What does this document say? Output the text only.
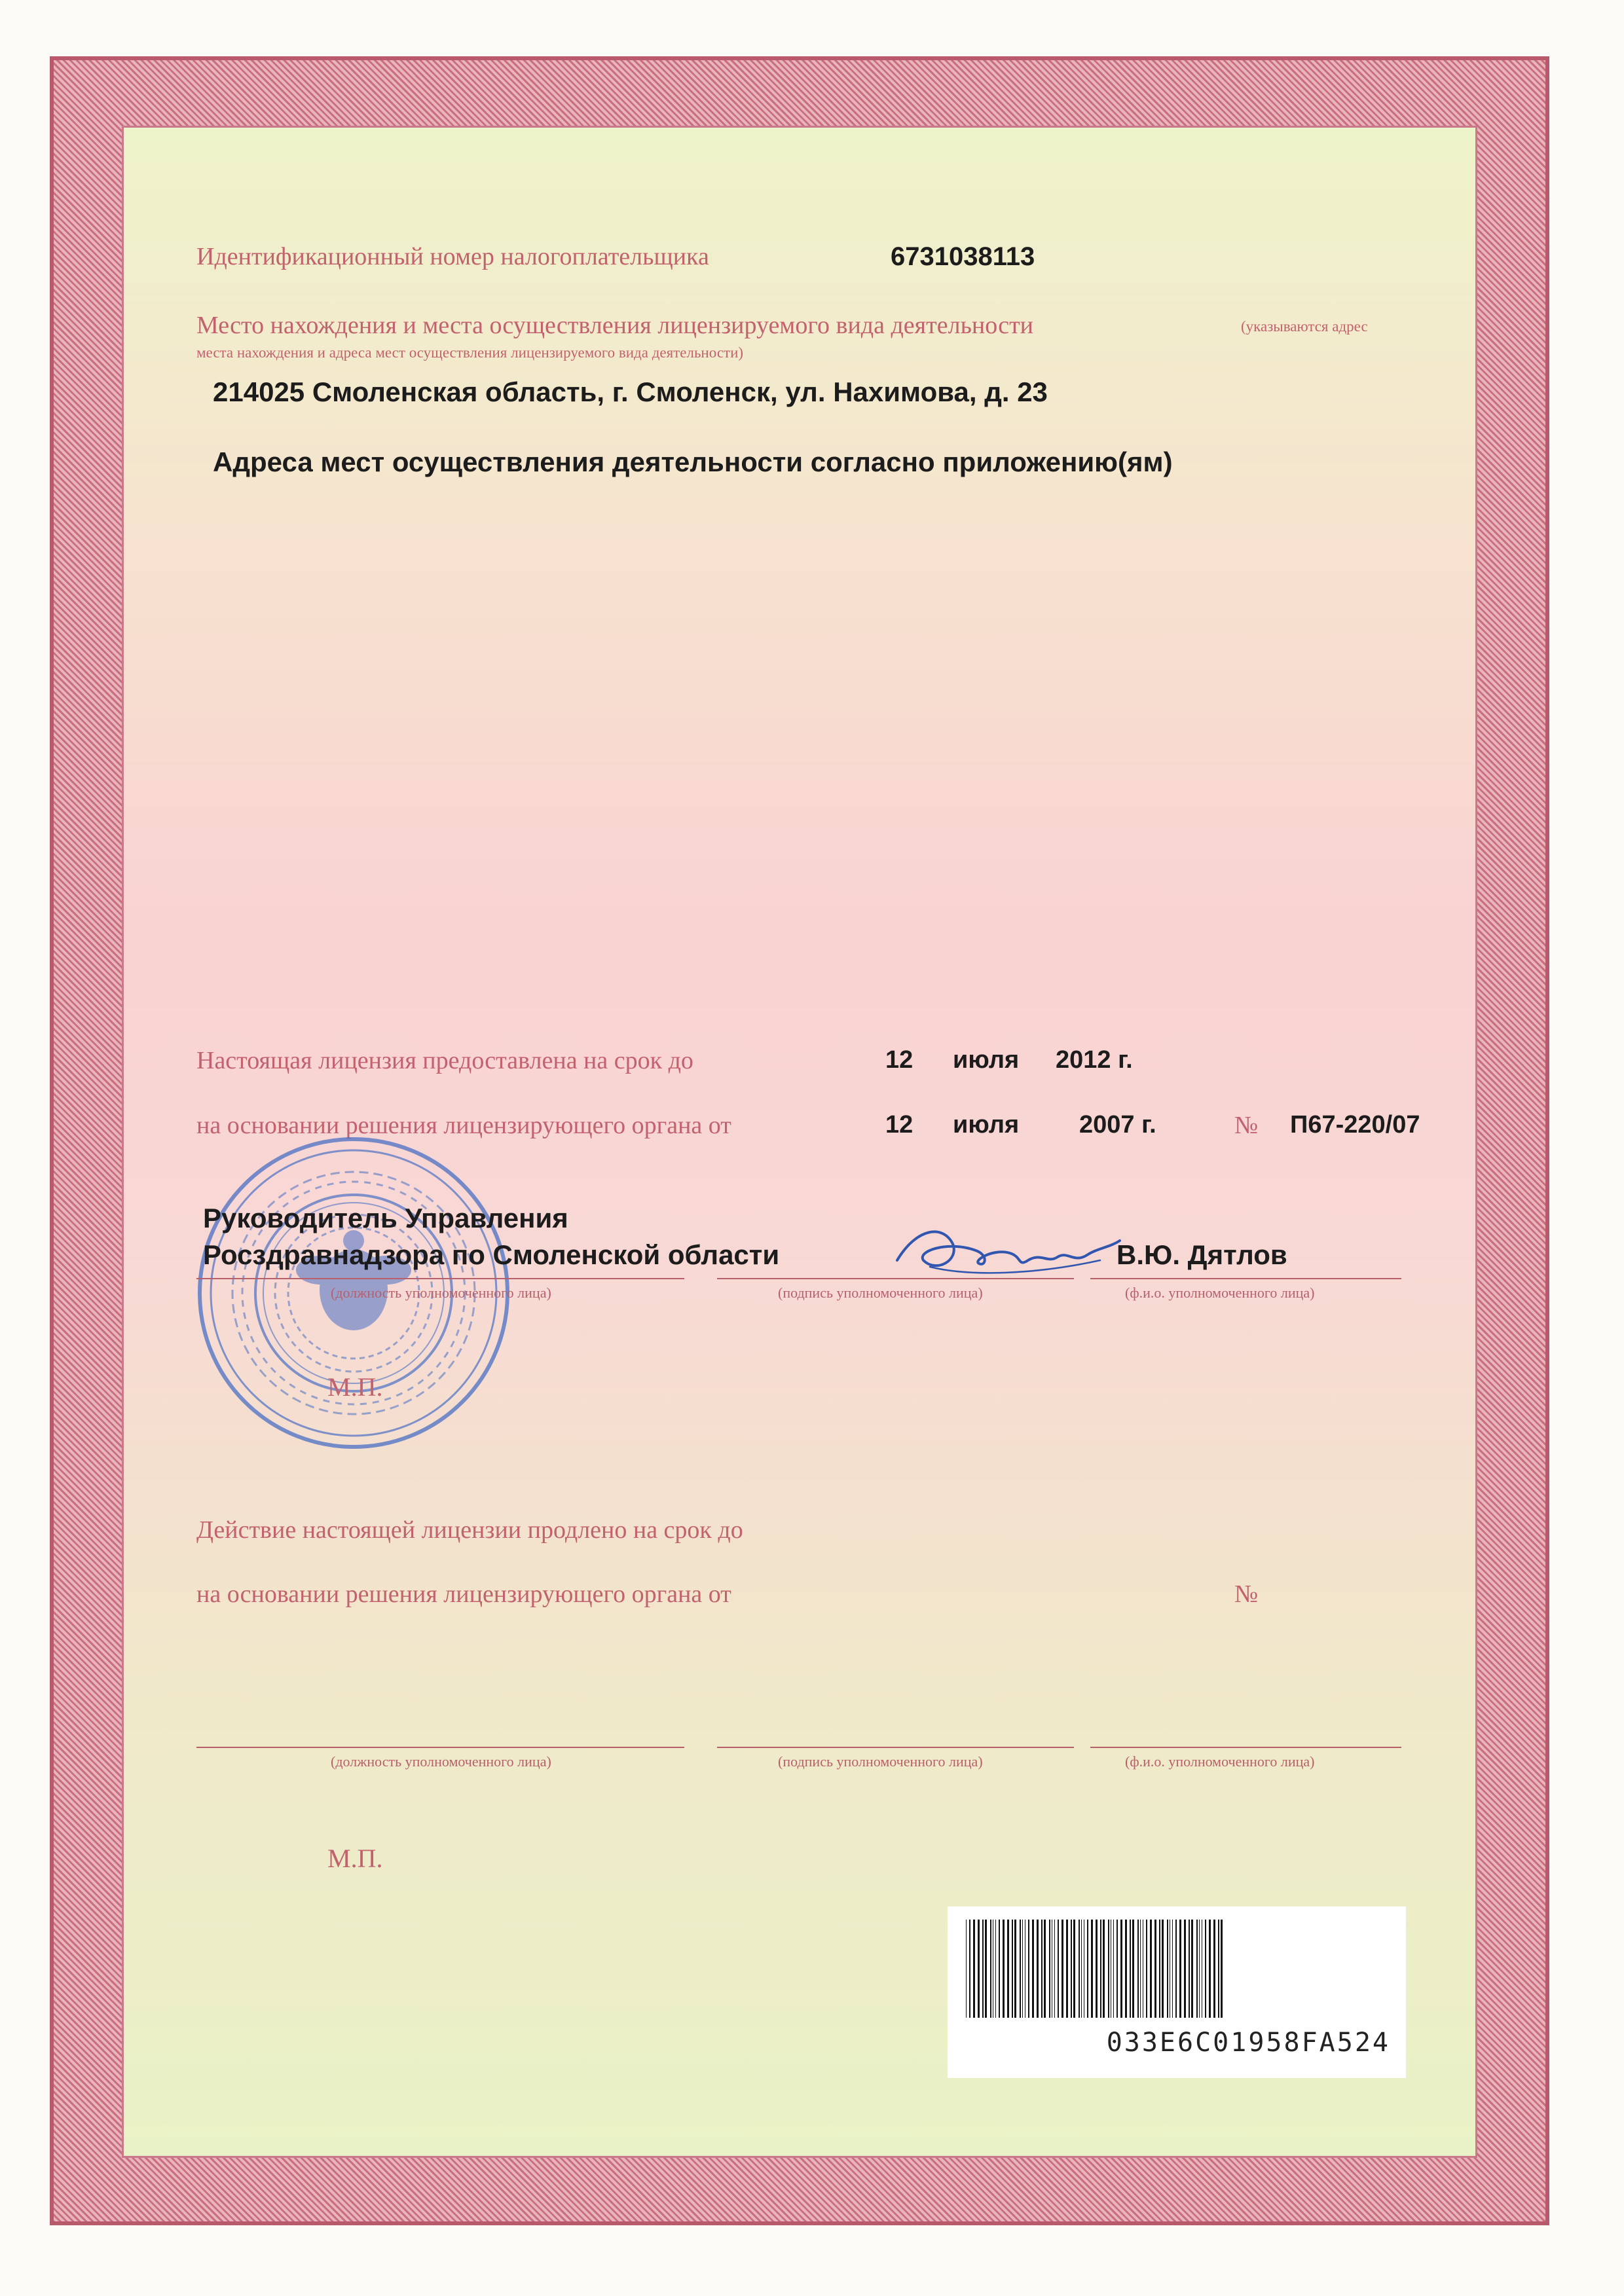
Идентификационный номер налогоплательщика	6731038113
Место нахождения и места осуществления лицензируемого вида деятельности	(указываются адрес
места нахождения и адреса мест осуществления лицензируемого вида деятельности)
214025 Смоленская область, г. Смоленск, ул. Нахимова, д. 23
Адреса мест осуществления деятельности согласно приложению(ям)
Настоящая лицензия предоставлена на срок до	12 июля 2012 г.
на основании решения лицензирующего органа от	12 июля 2007 г.	№ П67-220/07
Руководитель Управления
Росздравнадзора по Смоленской области	В.Ю. Дятлов
(должность уполномоченного лица)	(подпись уполномоченного лица)	(ф.и.о. уполномоченного лица)
М.П.
Действие настоящей лицензии продлено на срок до
на основании решения лицензирующего органа от	№
(должность уполномоченного лица)	(подпись уполномоченного лица)	(ф.и.о. уполномоченного лица)
М.П.
033E6C01958FA524
